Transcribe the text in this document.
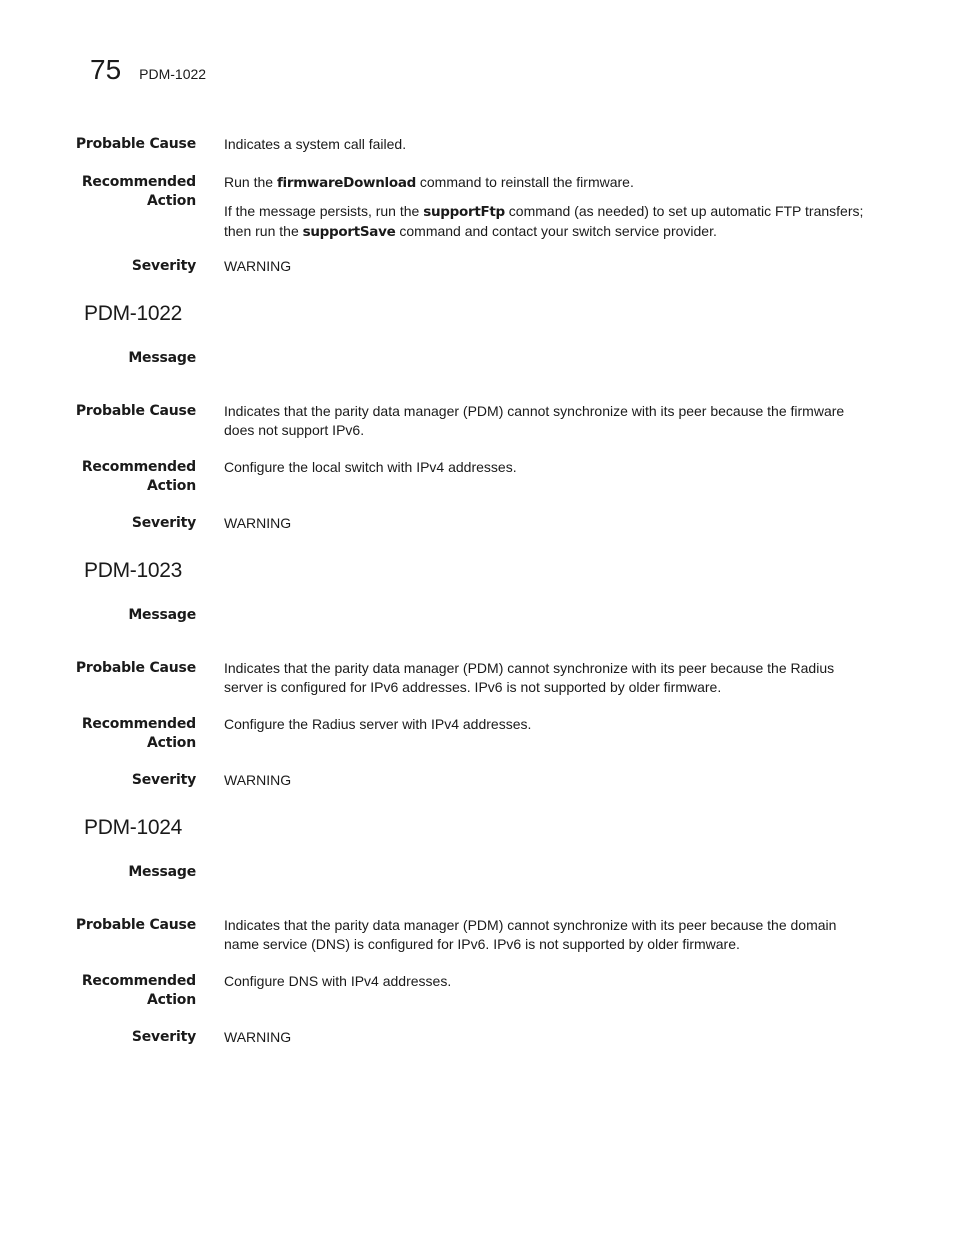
75 PDM-1022
Probable Cause Indicates a system call failed.
Recommended
Action

Run the firmwareDownload command to reinstall the firmware.

If the message persists, run the supportFtp command (as needed) to set up automatic FTP transfers; then run the supportSave command and contact your switch service provider.

Severity WARNING
PDM-1022
Message
Probable Cause Indicates that the parity data manager (PDM) cannot synchronize with its peer because the firmware does not support IPv6.
Recommended
Action
Configure the local switch with IPv4 addresses.
Severity WARNING
PDM-1023
Message
Probable Cause Indicates that the parity data manager (PDM) cannot synchronize with its peer because the Radius server is configured for IPv6 addresses. IPv6 is not supported by older firmware.
Recommended
Action
Configure the Radius server with IPv4 addresses.
Severity WARNING
PDM-1024
Message
Probable Cause Indicates that the parity data manager (PDM) cannot synchronize with its peer because the domain name service (DNS) is configured for IPv6. IPv6 is not supported by older firmware.
Recommended
Action
Configure DNS with IPv4 addresses.
Severity WARNING
